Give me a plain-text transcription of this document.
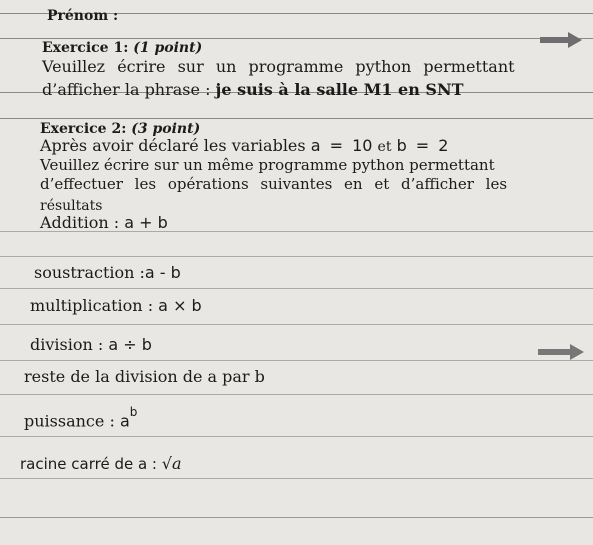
Prénom :
Exercice 1: (1 point)
Veuillez écrire sur un programme python permettant
d’afficher la phrase : je suis à la salle M1 en SNT
Exercice 2: (3 point)
Après avoir déclaré les variables a = 10 et b = 2
Veuillez écrire sur un même programme python permettant
d’effectuer les opérations suivantes en et d’afficher les
résultats
Addition : a + b
soustraction :a - b
multiplication : a × b
division : a ÷ b
reste de la division de a par b
puissance : $a^b$
racine carré de a : √a
